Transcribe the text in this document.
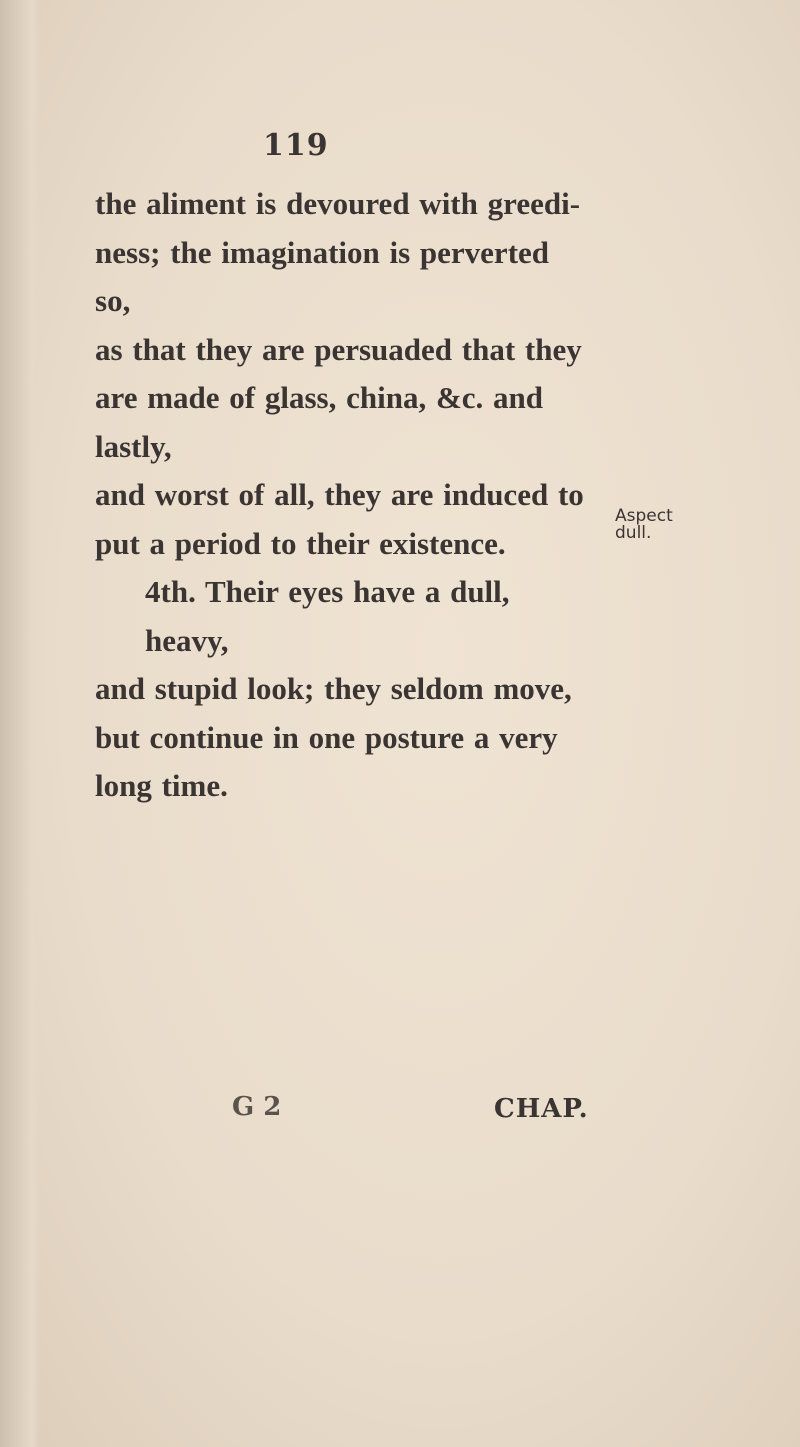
119
the aliment is devoured with greedi-
ness; the imagination is perverted so,
as that they are persuaded that they
are made of glass, china, &c. and lastly,
and worst of all, they are induced to
put a period to their existence.
4th. Their eyes have a dull, heavy,
and stupid look; they seldom move,
but continue in one posture a very
long time.
Aspect
dull.
G 2	CHAP.
